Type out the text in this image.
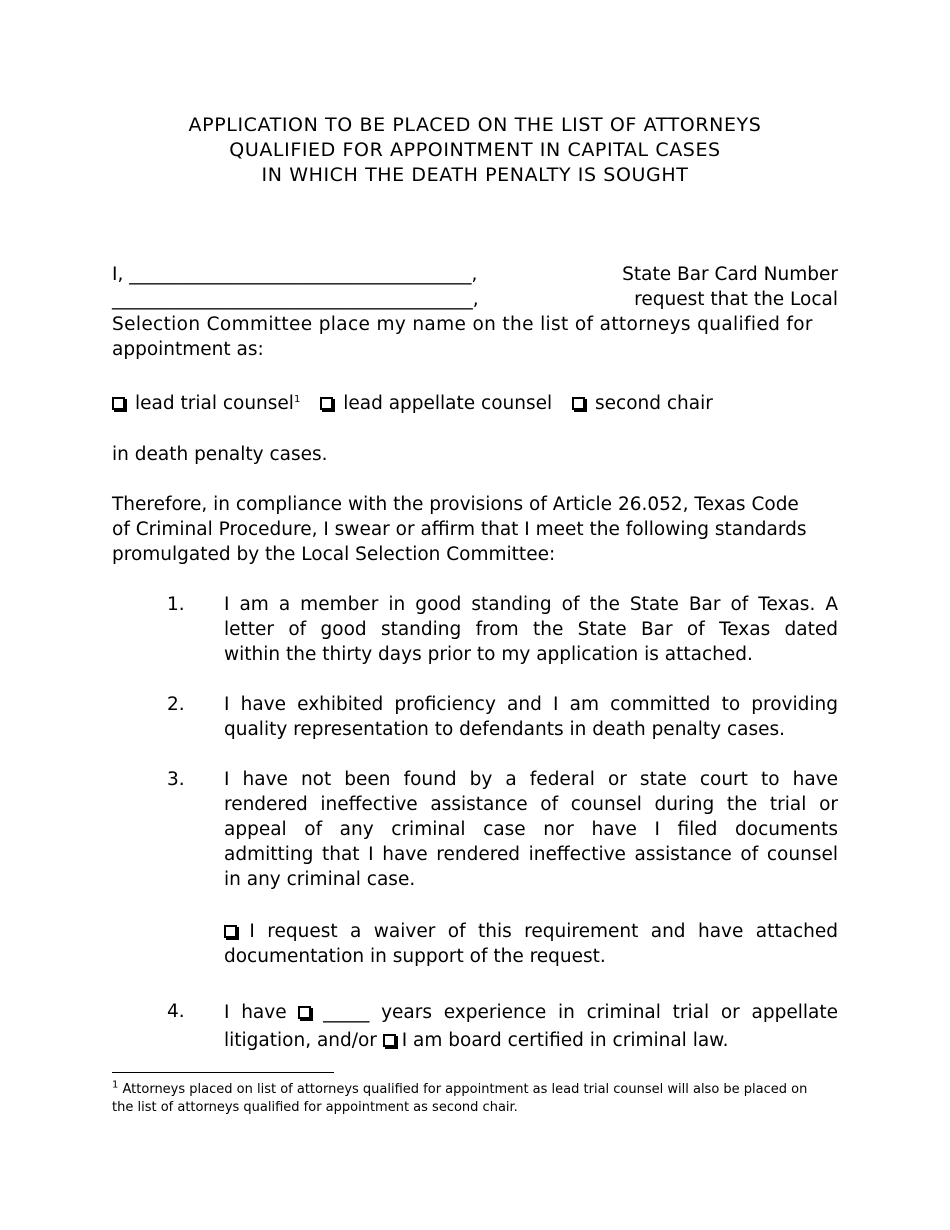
APPLICATION TO BE PLACED ON THE LIST OF ATTORNEYS
QUALIFIED FOR APPOINTMENT IN CAPITAL CASES
IN WHICH THE DEATH PENALTY IS SOUGHT
I, _____________________________________,	State Bar Card Number
_______________________________________,	request that the Local
Selection Committee place my name on the list of attorneys qualified for
appointment as:
lead trial counsel$^1$ lead appellate counsel second chair
in death penalty cases.
Therefore, in compliance with the provisions of Article 26.052, Texas Code
of Criminal Procedure, I swear or affirm that I meet the following standards
promulgated by the Local Selection Committee:
1. I am a member in good standing of the State Bar of Texas. A
letter of good standing from the State Bar of Texas dated
within the thirty days prior to my application is attached.
2. I have exhibited proficiency and I am committed to providing
quality representation to defendants in death penalty cases.
3. I have not been found by a federal or state court to have
rendered ineffective assistance of counsel during the trial or
appeal of any criminal case nor have I filed documents
admitting that I have rendered ineffective assistance of counsel
in any criminal case.
I request a waiver of this requirement and have attached
documentation in support of the request.
4. I have _____ years experience in criminal trial or appellate
litigation, and/or I am board certified in criminal law.
$^1$ Attorneys placed on list of attorneys qualified for appointment as lead trial counsel will also be placed on
the list of attorneys qualified for appointment as second chair.
